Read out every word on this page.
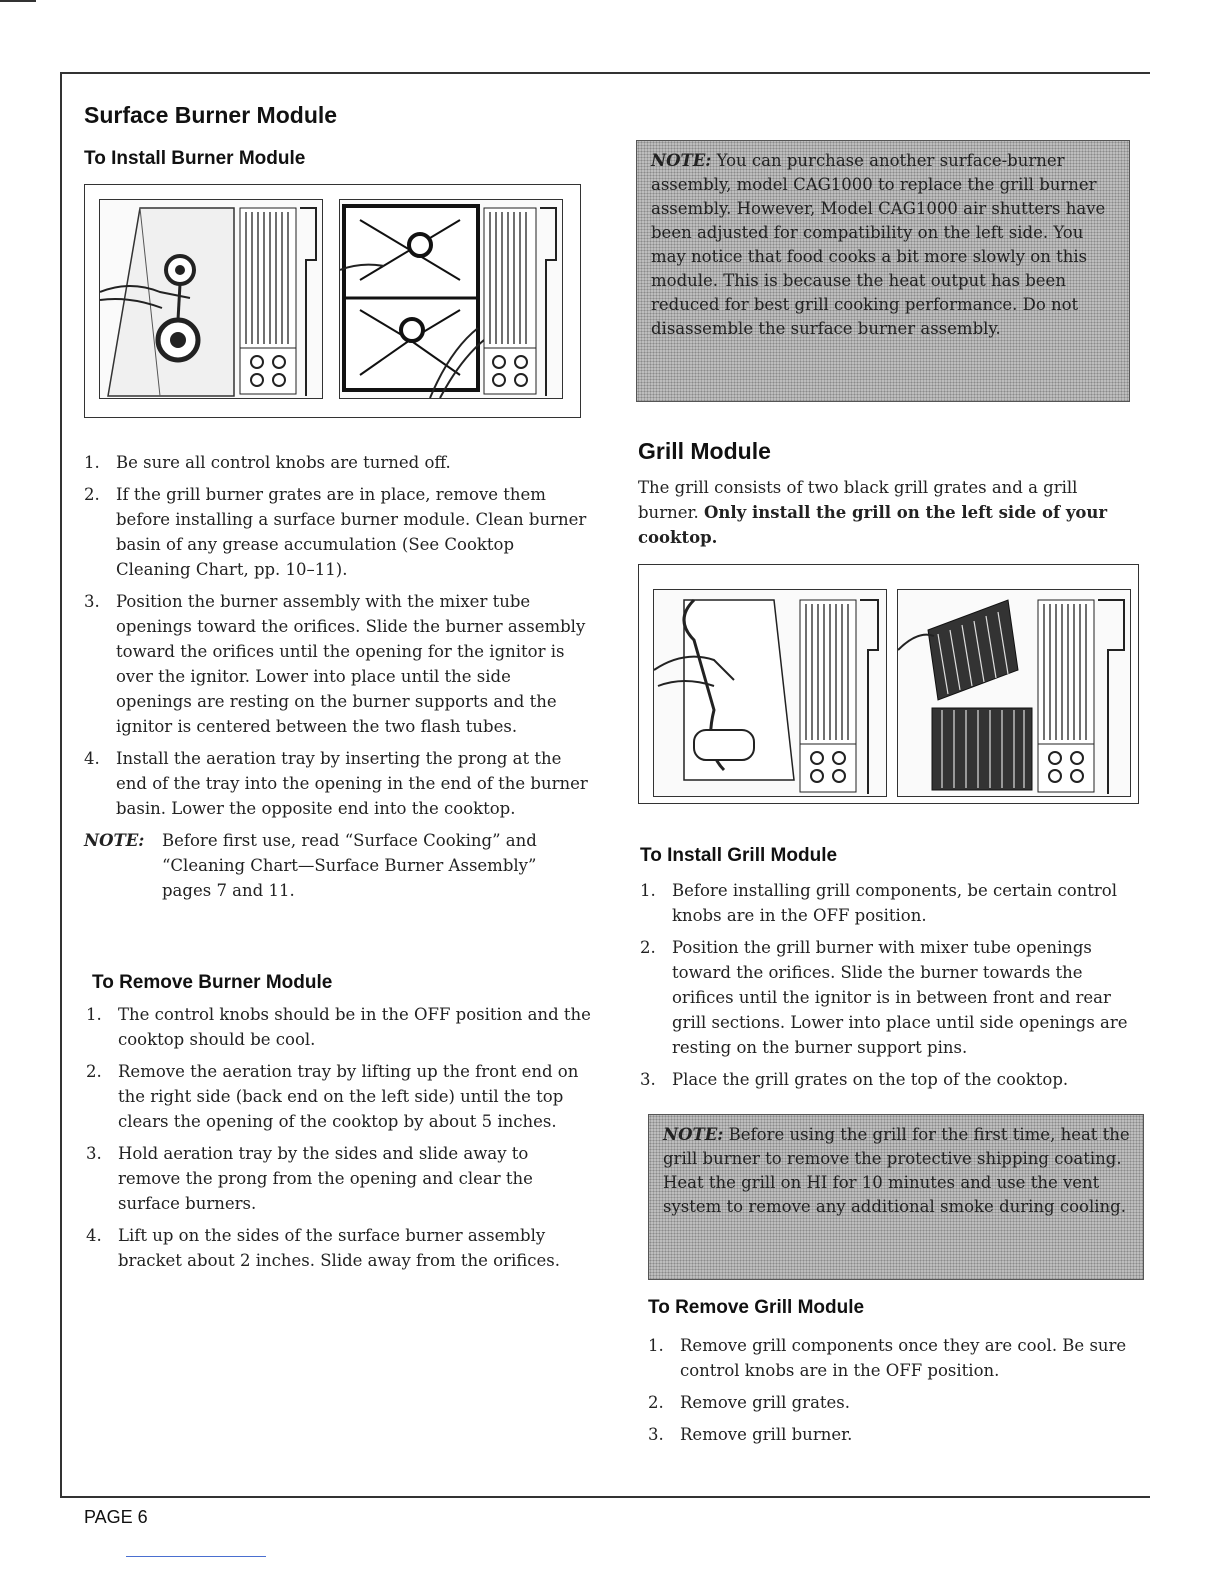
Surface Burner Module
To Install Burner Module
1. Be sure all control knobs are turned off.
2. If the grill burner grates are in place, remove them before installing a surface burner module. Clean burner basin of any grease accumulation (See Cooktop Cleaning Chart, pp. 10–11).
3. Position the burner assembly with the mixer tube openings toward the orifices. Slide the burner assembly toward the orifices until the opening for the ignitor is over the ignitor. Lower into place until the side openings are resting on the burner supports and the ignitor is centered between the two flash tubes.
4. Install the aeration tray by inserting the prong at the end of the tray into the opening in the end of the burner basin. Lower the opposite end into the cooktop.

NOTE: Before first use, read “Surface Cooking” and “Cleaning Chart—Surface Burner Assembly” pages 7 and 11.

To Remove Burner Module
1. The control knobs should be in the OFF position and the cooktop should be cool.
2. Remove the aeration tray by lifting up the front end on the right side (back end on the left side) until the top clears the opening of the cooktop by about 5 inches.
3. Hold aeration tray by the sides and slide away to remove the prong from the opening and clear the surface burners.
4. Lift up on the sides of the surface burner assembly bracket about 2 inches. Slide away from the orifices.
NOTE: You can purchase another surface-burner assembly, model CAG1000 to replace the grill burner assembly. However, Model CAG1000 air shutters have been adjusted for compatibility on the left side. You may notice that food cooks a bit more slowly on this module. This is because the heat output has been reduced for best grill cooking performance. Do not disassemble the surface burner assembly.
Grill Module

The grill consists of two black grill grates and a grill burner. Only install the grill on the left side of your cooktop.

To Install Grill Module
1. Before installing grill components, be certain control knobs are in the OFF position.
2. Position the grill burner with mixer tube openings toward the orifices. Slide the burner towards the orifices until the ignitor is in between front and rear grill sections. Lower into place until side openings are resting on the burner support pins.
3. Place the grill grates on the top of the cooktop.
NOTE: Before using the grill for the first time, heat the grill burner to remove the protective shipping coating. Heat the grill on HI for 10 minutes and use the vent system to remove any additional smoke during cooling.
To Remove Grill Module
1. Remove grill components once they are cool. Be sure control knobs are in the OFF position.
2. Remove grill grates.
3. Remove grill burner.
PAGE 6
